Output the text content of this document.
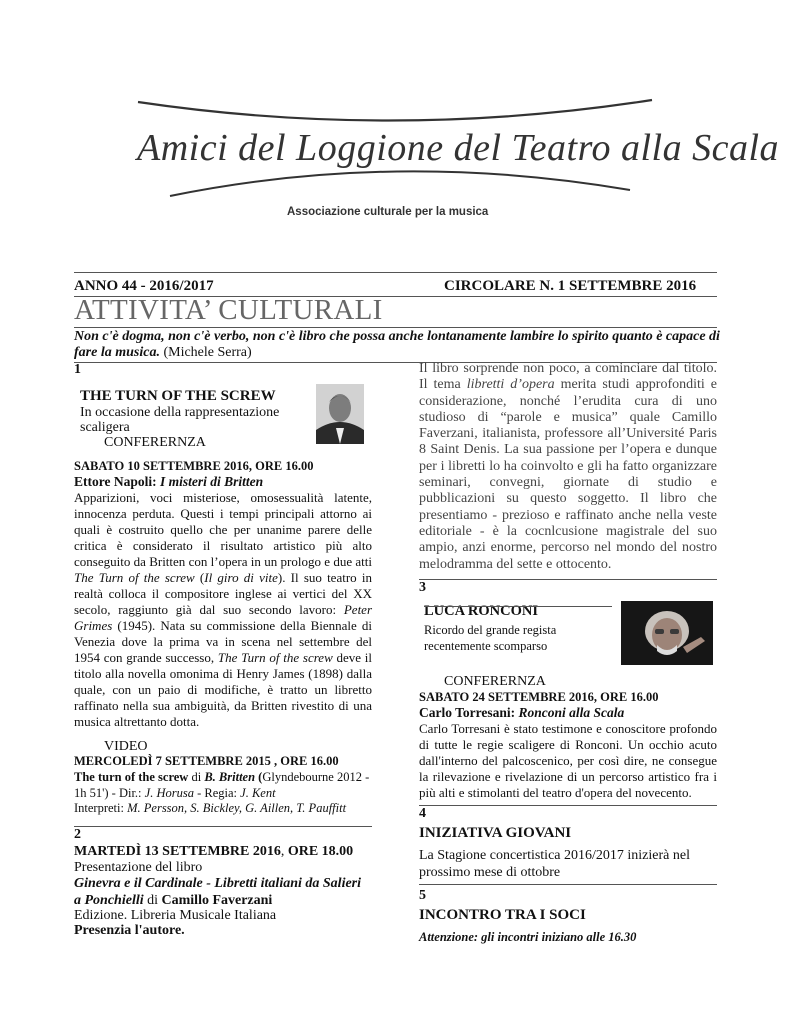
Amici del Loggione del Teatro alla Scala
Associazione culturale per la musica
ANNO 44 - 2016/2017	CIRCOLARE N. 1 SETTEMBRE 2016
ATTIVITA’ CULTURALI
Non c'è dogma, non c'è verbo, non c'è libro che possa anche lontanamente lambire lo spirito quanto è capace di fare la musica. (Michele Serra)
1
THE TURN OF THE SCREW
In occasione della rappresentazione
scaligera
CONFERERNZA
SABATO 10 SETTEMBRE 2016, ORE 16.00
Ettore Napoli: I misteri di Britten
Apparizioni, voci misteriose, omosessualità latente, innocenza perduta. Questi i tempi principali attorno ai quali è costruito quello che per unanime parere delle critica è considerato il risultato artistico più alto conseguito da Britten con l’opera in un prologo e due atti The Turn of the screw (Il giro di vite). Il suo teatro in realtà colloca il compositore inglese ai vertici del XX secolo, raggiunto già dal suo secondo lavoro: Peter Grimes (1945). Nata su commissione della Biennale di Venezia dove la prima va in scena nel settembre del 1954 con grande successo, The Turn of the screw deve il titolo alla novella omonima di Henry James (1898) dalla quale, con un paio di modifiche, è tratto un libretto raffinato nella sua ambiguità, da Britten rivestito di una musica altrettanto dotta.
VIDEO
MERCOLEDÌ 7 SETTEMBRE 2015 , ORE 16.00
The turn of the screw di B. Britten (Glyndebourne 2012 - 1h 51') - Dir.: J. Horusa - Regia: J. Kent
Interpreti: M. Persson, S. Bickley, G. Aillen, T. Pauffitt
2
MARTEDÌ 13 SETTEMBRE 2016, ORE 18.00
Presentazione del libro
Ginevra e il Cardinale - Libretti italiani da Salieri a Ponchielli di Camillo Faverzani
Edizione. Libreria Musicale Italiana
Presenzia l'autore.
Il libro sorprende non poco, a cominciare dal titolo. Il tema libretti d’opera merita studi approfonditi e considerazione, nonché l’erudita cura di uno studioso di “parole e musica” quale Camillo Faverzani, italianista, professore all’Université Paris 8 Saint Denis. La sua passione per l’opera e dunque per i libretti lo ha coinvolto e gli ha fatto organizzare seminari, convegni, giornate di studio e pubblicazioni su questo soggetto. Il libro che presentiamo - prezioso e raffinato anche nella veste editoriale - è la cocnlcusione magistrale del suo ampio, anzi enorme, percorso nel mondo del nostro melodramma del sette e ottocento.
3
LUCA RONCONI
Ricordo del grande regista
recentemente scomparso
CONFERERNZA
SABATO 24 SETTEMBRE 2016, ORE 16.00
Carlo Torresani: Ronconi alla Scala
Carlo Torresani è stato testimone e conoscitore profondo di tutte le regie scaligere di Ronconi. Un occhio acuto dall'interno del palcoscenico, per così dire, ne consegue la rilevazione e rivelazione di un percorso artistico fra i più alti e stimolanti del teatro d'opera del novecento.
4
INIZIATIVA GIOVANI
La Stagione concertistica 2016/2017 inizierà nel prossimo mese di ottobre
5
INCONTRO TRA I SOCI
Attenzione: gli incontri iniziano alle 16.30
